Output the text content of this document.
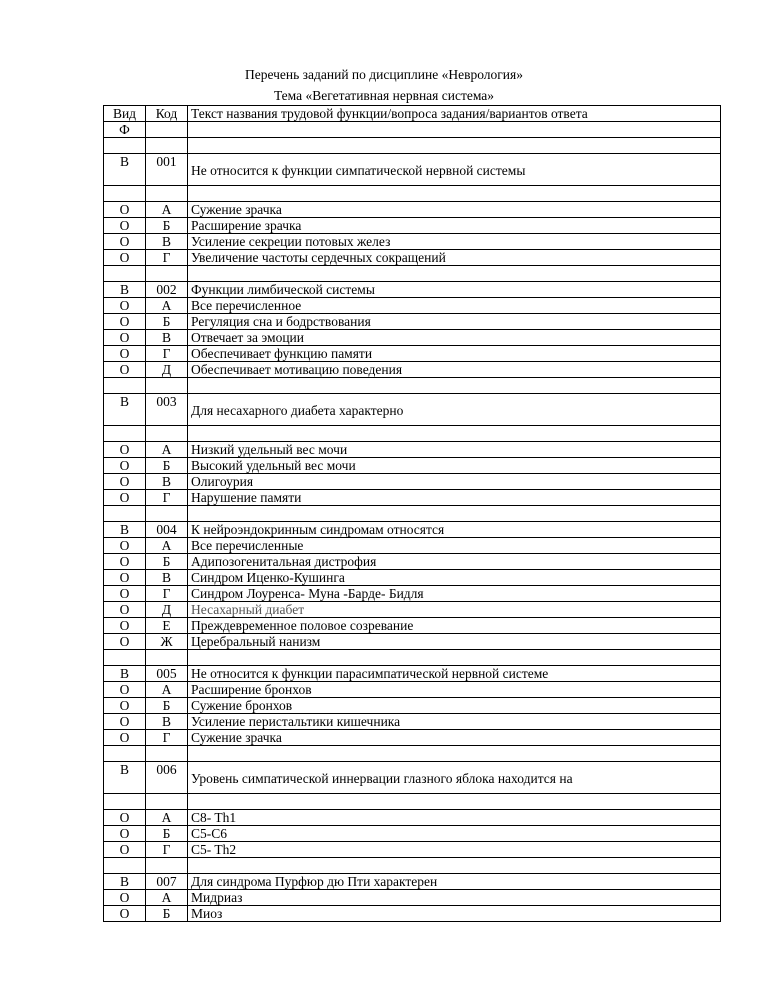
Перечень заданий по дисциплине «Неврология»
Тема «Вегетативная нервная система»
Вид	Код	Текст названия трудовой функции/вопроса задания/вариантов ответа
Ф		

В	001	Не относится к функции симпатической нервной системы

О	А	Сужение зрачка
О	Б	Расширение зрачка
О	В	Усиление секреции потовых желез
О	Г	Увеличение частоты сердечных сокращений

В	002	Функции лимбической системы
О	А	Все перечисленное
О	Б	Регуляция сна и бодрствования
О	В	Отвечает за эмоции
О	Г	Обеспечивает функцию памяти
О	Д	Обеспечивает мотивацию поведения

В	003	Для несахарного диабета характерно

О	А	Низкий удельный вес мочи
О	Б	Высокий удельный вес мочи
О	В	Олигоурия
О	Г	Нарушение памяти

В	004	К нейроэндокринным синдромам относятся
О	А	Все перечисленные
О	Б	Адипозогенитальная дистрофия
О	В	Синдром Иценко-Кушинга
О	Г	Синдром Лоуренса- Муна -Барде- Бидля
О	Д	Несахарный диабет
О	Е	Преждевременное половое созревание
О	Ж	Церебральный нанизм

В	005	Не относится к функции парасимпатической нервной системе
О	А	Расширение бронхов
О	Б	Сужение бронхов
О	В	Усиление перистальтики кишечника
О	Г	Сужение зрачка

В	006	Уровень симпатической иннервации глазного яблока находится на

О	А	C8- Th1
О	Б	C5-C6
О	Г	C5- Th2

В	007	Для синдрома Пурфюр дю Пти характерен
О	А	Мидриаз
О	Б	Миоз
